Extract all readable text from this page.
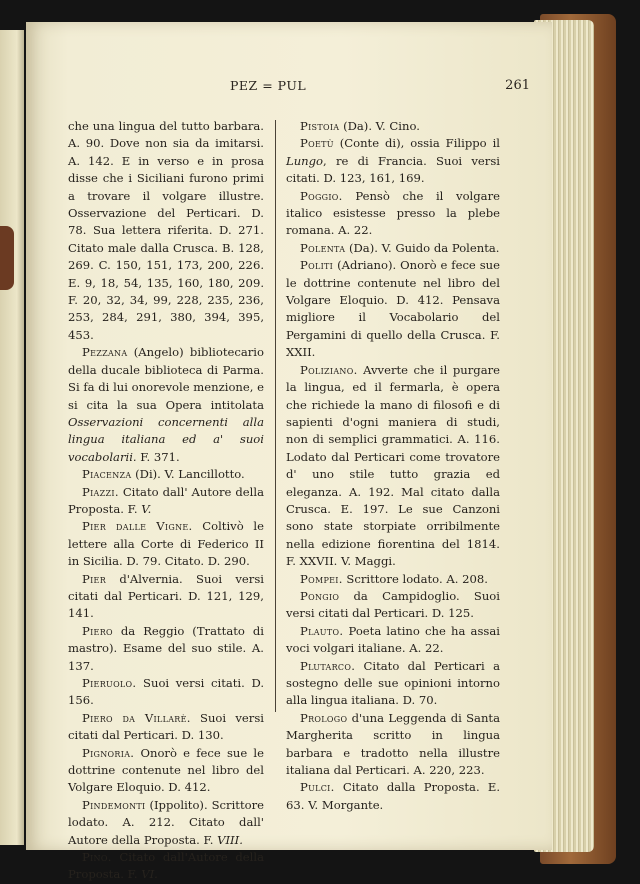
PEZ = PUL	261

che una lingua del tutto barbara. A. 90. Dove non sia da imitarsi. A. 142. E in verso e in prosa disse che i Siciliani furono primi a trovare il volgare illustre. Osservazione del Perticari. D. 78. Sua lettera riferita. D. 271. Citato male dalla Crusca. B. 128, 269. C. 150, 151, 173, 200, 226. E. 9, 18, 54, 135, 160, 180, 209. F. 20, 32, 34, 99, 228, 235, 236, 253, 284, 291, 380, 394, 395, 453.

Pezzana (Angelo) bibliotecario della ducale biblioteca di Parma. Si fa di lui onorevole menzione, e si cita la sua Opera intitolata Osservazioni concernenti alla lingua italiana ed a' suoi vocabolarii. F. 371.

Piacenza (Di). V. Lancillotto.

Piazzi. Citato dall' Autore della Proposta. F. V.

Pier dalle Vigne. Coltivò le lettere alla Corte di Federico II in Sicilia. D. 79. Citato. D. 290.

Pier d'Alvernia. Suoi versi citati dal Perticari. D. 121, 129, 141.

Piero da Reggio (Trattato di mastro). Esame del suo stile. A. 137.

Pieruolo. Suoi versi citati. D. 156.

Piero da Villarè. Suoi versi citati dal Perticari. D. 130.

Pignoria. Onorò e fece sue le dottrine contenute nel libro del Volgare Eloquio. D. 412.

Pindemonti (Ippolito). Scrittore lodato. A. 212. Citato dall' Autore della Proposta. F. VIII.

Pino. Citato dall'Autore della Proposta. F. VI.

Pistoia (Da). V. Cino.

Poetù (Conte di), ossia Filippo il Lungo, re di Francia. Suoi versi citati. D. 123, 161, 169.

Poggio. Pensò che il volgare italico esistesse presso la plebe romana. A. 22.

Polenta (Da). V. Guido da Polenta.

Politi (Adriano). Onorò e fece sue le dottrine contenute nel libro del Volgare Eloquio. D. 412. Pensava migliore il Vocabolario del Pergamini di quello della Crusca. F. XXII.

Poliziano. Avverte che il purgare la lingua, ed il fermarla, è opera che richiede la mano di filosofi e di sapienti d'ogni maniera di studi, non di semplici grammatici. A. 116. Lodato dal Perticari come trovatore d' uno stile tutto grazia ed eleganza. A. 192. Mal citato dalla Crusca. E. 197. Le sue Canzoni sono state storpiate orribilmente nella edizione fiorentina del 1814. F. XXVII. V. Maggi.

Pompei. Scrittore lodato. A. 208.

Pongio da Campidoglio. Suoi versi citati dal Perticari. D. 125.

Plauto. Poeta latino che ha assai voci volgari italiane. A. 22.

Plutarco. Citato dal Perticari a sostegno delle sue opinioni intorno alla lingua italiana. D. 70.

Prologo d'una Leggenda di Santa Margherita scritto in lingua barbara e tradotto nella illustre italiana dal Perticari. A. 220, 223.

Pulci. Citato dalla Proposta. E. 63. V. Morgante.
